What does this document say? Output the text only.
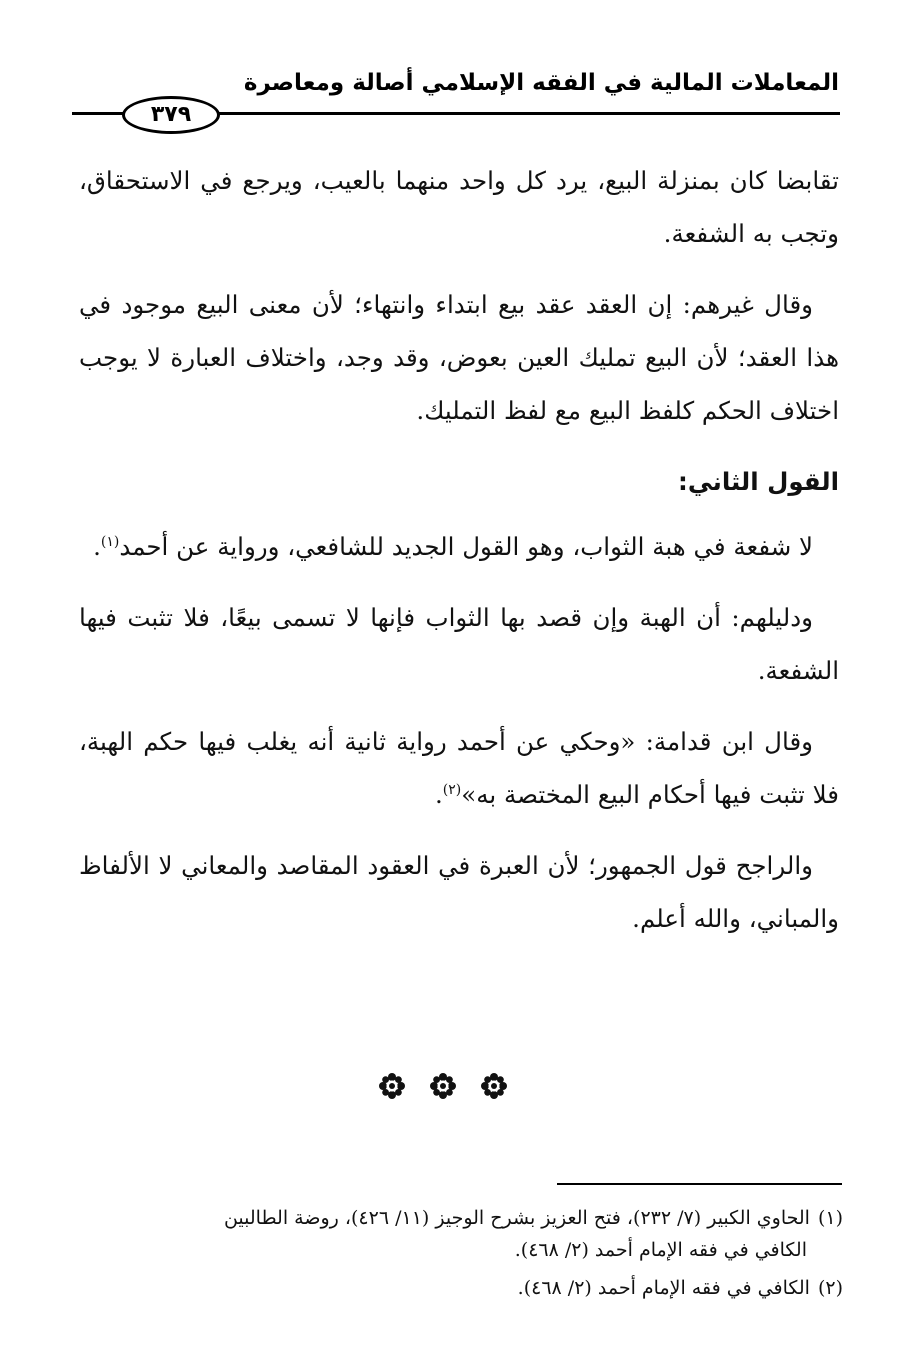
المعاملات المالية في الفقه الإسلامي أصالة ومعاصرة
٣٧٩

تقابضا كان بمنزلة البيع، يرد كل واحد منهما بالعيب، ويرجع في الاستحقاق، وتجب به الشفعة.

وقال غيرهم: إن العقد عقد بيع ابتداء وانتهاء؛ لأن معنى البيع موجود في هذا العقد؛ لأن البيع تمليك العين بعوض، وقد وجد، واختلاف العبارة لا يوجب اختلاف الحكم كلفظ البيع مع لفظ التمليك.

القول الثاني:

لا شفعة في هبة الثواب، وهو القول الجديد للشافعي، ورواية عن أحمد$^{(١)}$.

ودليلهم: أن الهبة وإن قصد بها الثواب فإنها لا تسمى بيعًا، فلا تثبت فيها الشفعة.

وقال ابن قدامة: «وحكي عن أحمد رواية ثانية أنه يغلب فيها حكم الهبة، فلا تثبت فيها أحكام البيع المختصة به»$^{(٢)}$.

والراجح قول الجمهور؛ لأن العبرة في العقود المقاصد والمعاني لا الألفاظ والمباني، والله أعلم.

(١)الحاوي الكبير (٧/ ٢٣٢)، فتح العزيز بشرح الوجيز (١١/ ٤٢٦)، روضة الطالبين
الكافي في فقه الإمام أحمد (٢/ ٤٦٨).
(٢)الكافي في فقه الإمام أحمد (٢/ ٤٦٨).
